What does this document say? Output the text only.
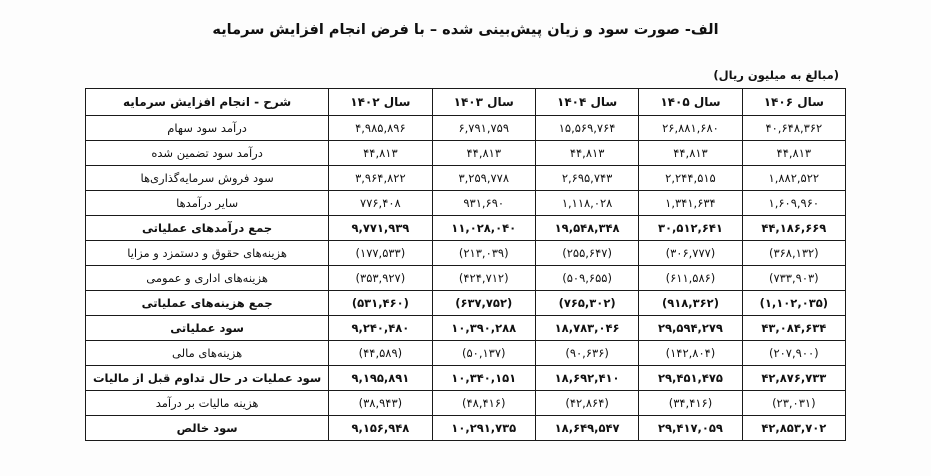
الف- صورت سود و زیان پیش‌بینی شده – با فرض انجام افزایش سرمایه
(مبالغ به میلیون ریال)
سال ۱۴۰۶	سال ۱۴۰۵	سال ۱۴۰۴	سال ۱۴۰۳	سال ۱۴۰۲	شرح - انجام افزایش سرمایه
۴۰,۶۴۸,۳۶۲	۲۶,۸۸۱,۶۸۰	۱۵,۵۶۹,۷۶۴	۶,۷۹۱,۷۵۹	۴,۹۸۵,۸۹۶	درآمد سود سهام
۴۴,۸۱۳	۴۴,۸۱۳	۴۴,۸۱۳	۴۴,۸۱۳	۴۴,۸۱۳	درآمد سود تضمین شده
۱,۸۸۲,۵۲۲	۲,۲۴۴,۵۱۵	۲,۶۹۵,۷۴۳	۳,۲۵۹,۷۷۸	۳,۹۶۴,۸۲۲	سود فروش سرمایه‌گذاری‌ها
۱,۶۰۹,۹۶۰	۱,۳۴۱,۶۳۴	۱,۱۱۸,۰۲۸	۹۳۱,۶۹۰	۷۷۶,۴۰۸	سایر درآمدها
۴۴,۱۸۶,۶۶۹	۳۰,۵۱۲,۶۴۱	۱۹,۵۴۸,۳۴۸	۱۱,۰۲۸,۰۴۰	۹,۷۷۱,۹۳۹	جمع درآمدهای عملیاتی
(۳۶۸,۱۳۲)	(۳۰۶,۷۷۷)	(۲۵۵,۶۴۷)	(۲۱۳,۰۳۹)	(۱۷۷,۵۳۳)	هزینه‌های حقوق و دستمزد و مزایا
(۷۳۳,۹۰۳)	(۶۱۱,۵۸۶)	(۵۰۹,۶۵۵)	(۴۲۴,۷۱۲)	(۳۵۳,۹۲۷)	هزینه‌های اداری و عمومی
(۱,۱۰۲,۰۳۵)	(۹۱۸,۳۶۲)	(۷۶۵,۳۰۲)	(۶۳۷,۷۵۲)	(۵۳۱,۴۶۰)	جمع هزینه‌های عملیاتی
۴۳,۰۸۴,۶۳۴	۲۹,۵۹۴,۲۷۹	۱۸,۷۸۳,۰۴۶	۱۰,۳۹۰,۲۸۸	۹,۲۴۰,۴۸۰	سود عملیاتی
(۲۰۷,۹۰۰)	(۱۴۲,۸۰۴)	(۹۰,۶۳۶)	(۵۰,۱۳۷)	(۴۴,۵۸۹)	هزینه‌های مالی
۴۲,۸۷۶,۷۳۳	۲۹,۴۵۱,۴۷۵	۱۸,۶۹۲,۴۱۰	۱۰,۳۴۰,۱۵۱	۹,۱۹۵,۸۹۱	سود عملیات در حال تداوم قبل از مالیات
(۲۳,۰۳۱)	(۳۴,۴۱۶)	(۴۲,۸۶۴)	(۴۸,۴۱۶)	(۳۸,۹۴۳)	هزینه مالیات بر درآمد
۴۲,۸۵۳,۷۰۲	۲۹,۴۱۷,۰۵۹	۱۸,۶۴۹,۵۴۷	۱۰,۲۹۱,۷۳۵	۹,۱۵۶,۹۴۸	سود خالص
